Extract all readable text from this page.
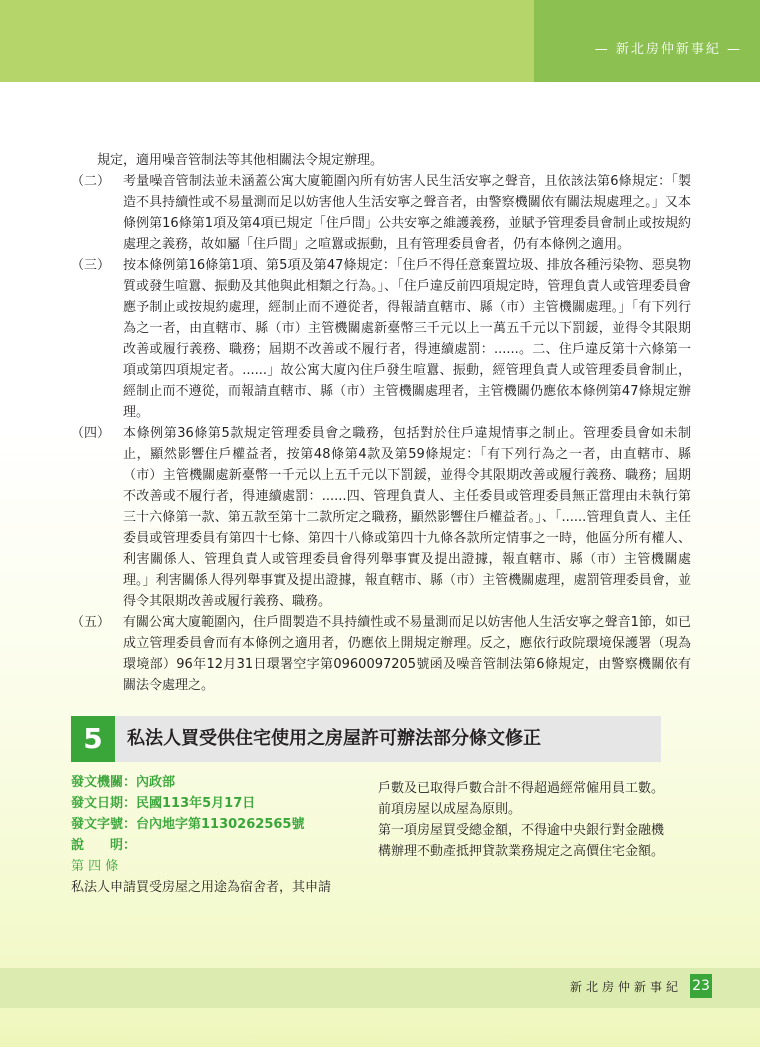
— 新北房仲新事紀 —
規定，適用噪音管制法等其他相關法令規定辦理。
（二） 考量噪音管制法並未涵蓋公寓大廈範圍內所有妨害人民生活安寧之聲音，且依該法第6條規定：「製造不具持續性或不易量測而足以妨害他人生活安寧之聲音者，由警察機關依有關法規處理之。」又本條例第16條第1項及第4項已規定「住戶間」公共安寧之維護義務，並賦予管理委員會制止或按規約處理之義務，故如屬「住戶間」之喧囂或振動，且有管理委員會者，仍有本條例之適用。
（三） 按本條例第16條第1項、第5項及第47條規定：「住戶不得任意棄置垃圾、排放各種污染物、惡臭物質或發生喧囂、振動及其他與此相類之行為。」、「住戶違反前四項規定時，管理負責人或管理委員會應予制止或按規約處理，經制止而不遵從者，得報請直轄市、縣（市）主管機關處理。」「有下列行為之一者，由直轄市、縣（市）主管機關處新臺幣三千元以上一萬五千元以下罰鍰，並得令其限期改善或履行義務、職務；屆期不改善或不履行者，得連續處罰：......。二、住戶違反第十六條第一項或第四項規定者。......」故公寓大廈內住戶發生喧囂、振動，經管理負責人或管理委員會制止，經制止而不遵從，而報請直轄市、縣（市）主管機關處理者，主管機關仍應依本條例第47條規定辦理。
（四） 本條例第36條第5款規定管理委員會之職務，包括對於住戶違規情事之制止。管理委員會如未制止，顯然影響住戶權益者，按第48條第4款及第59條規定：「有下列行為之一者，由直轄市、縣（市）主管機關處新臺幣一千元以上五千元以下罰鍰，並得令其限期改善或履行義務、職務；屆期不改善或不履行者，得連續處罰：......四、管理負責人、主任委員或管理委員無正當理由未執行第三十六條第一款、第五款至第十二款所定之職務，顯然影響住戶權益者。」、「......管理負責人、主任委員或管理委員有第四十七條、第四十八條或第四十九條各款所定情事之一時，他區分所有權人、利害關係人、管理負責人或管理委員會得列舉事實及提出證據，報直轄市、縣（市）主管機關處理。」利害關係人得列舉事實及提出證據，報直轄市、縣（市）主管機關處理，處罰管理委員會，並得令其限期改善或履行義務、職務。
（五） 有關公寓大廈範圍內，住戶間製造不具持續性或不易量測而足以妨害他人生活安寧之聲音1節，如已成立管理委員會而有本條例之適用者，仍應依上開規定辦理。反之，應依行政院環境保護署（現為環境部）96年12月31日環署空字第0960097205號函及噪音管制法第6條規定，由警察機關依有關法令處理之。
5	私法人買受供住宅使用之房屋許可辦法部分條文修正
發文機關：內政部
發文日期：民國113年5月17日
發文字號：台內地字第1130262565號
說　　明：
第 四 條
私法人申請買受房屋之用途為宿舍者，其申請
戶數及已取得戶數合計不得超過經常僱用員工數。
前項房屋以成屋為原則。
第一項房屋買受總金額，不得逾中央銀行對金融機構辦理不動產抵押貸款業務規定之高價住宅金額。
新北房仲新事紀 23
